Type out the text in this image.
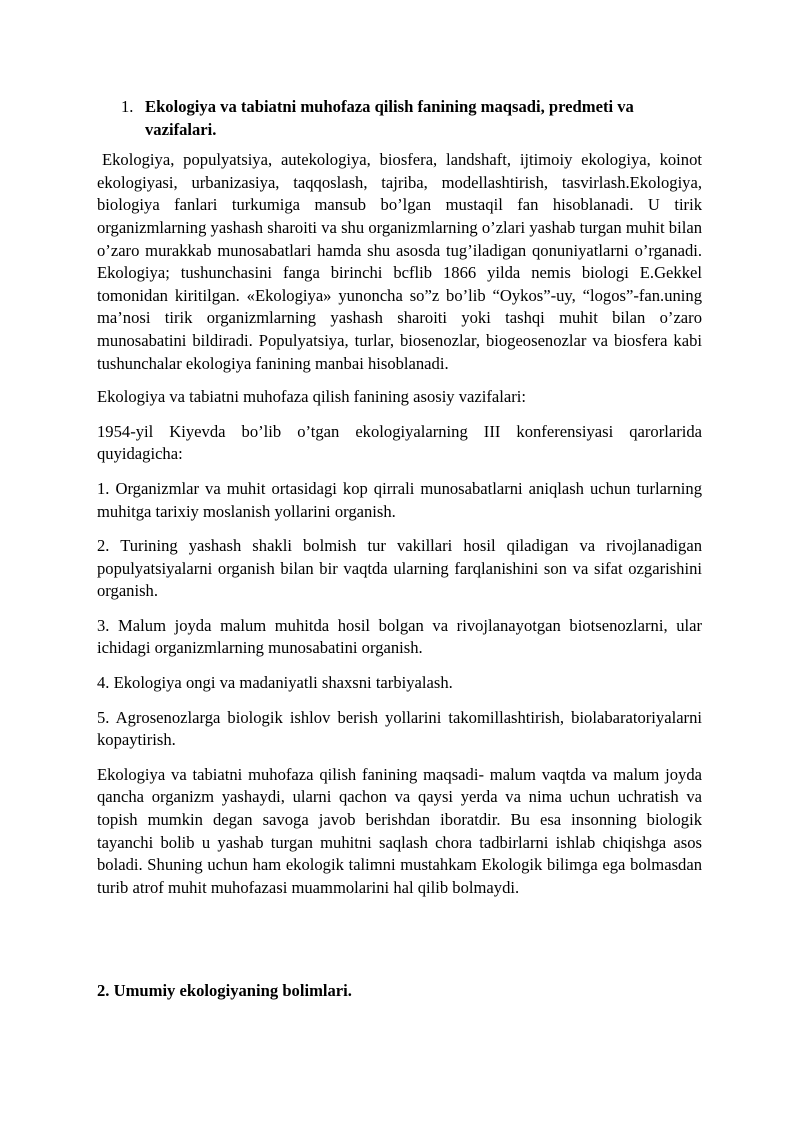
1. Ekologiya va tabiatni muhofaza qilish fanining maqsadi, predmeti va vazifalari.

Ekologiya, populyatsiya, autekologiya, biosfera, landshaft, ijtimoiy ekologiya, koinot ekologiyasi, urbanizasiya, taqqoslash, tajriba, modellashtirish, tasvirlash.Ekologiya, biologiya fanlari turkumiga mansub bo’lgan mustaqil fan hisoblanadi. U tirik organizmlarning yashash sharoiti va shu organizmlarning o’zlari yashab turgan muhit bilan o’zaro murakkab munosabatlari hamda shu asosda tug’iladigan qonuniyatlarni o’rganadi. Ekologiya; tushunchasini fanga birinchi bcflib 1866 yilda nemis biologi E.Gekkel tomonidan kiritilgan. «Ekologiya» yunoncha so”z bo’lib “Oykos”-uy, “logos”-fan.uning ma’nosi tirik organizmlarning yashash sharoiti yoki tashqi muhit bilan o’zaro munosabatini bildiradi. Populyatsiya, turlar, biosenozlar, biogeosenozlar va biosfera kabi tushunchalar ekologiya fanining manbai hisoblanadi.

Ekologiya va tabiatni muhofaza qilish fanining asosiy vazifalari:

1954-yil Kiyevda bo’lib o’tgan ekologiyalarning III konferensiyasi qarorlarida quyidagicha:

1. Organizmlar va muhit ortasidagi kop qirrali munosabatlarni aniqlash uchun turlarning muhitga tarixiy moslanish yollarini organish.

2. Turining yashash shakli bolmish tur vakillari hosil qiladigan va rivojlanadigan populyatsiyalarni organish bilan bir vaqtda ularning farqlanishini son va sifat ozgarishini organish.

3. Malum joyda malum muhitda hosil bolgan va rivojlanayotgan biotsenozlarni, ular ichidagi organizmlarning munosabatini organish.

4. Ekologiya ongi va madaniyatli shaxsni tarbiyalash.

5. Agrosenozlarga biologik ishlov berish yollarini takomillashtirish, biolabaratoriyalarni kopaytirish.

Ekologiya va tabiatni muhofaza qilish fanining maqsadi- malum vaqtda va malum joyda qancha organizm yashaydi, ularni qachon va qaysi yerda va nima uchun uchratish va topish mumkin degan savoga javob berishdan iboratdir. Bu esa insonning biologik tayanchi bolib u yashab turgan muhitni saqlash chora tadbirlarni ishlab chiqishga asos boladi. Shuning uchun ham ekologik talimni mustahkam Ekologik bilimga ega bolmasdan turib atrof muhit muhofazasi muammolarini hal qilib bolmaydi.

2. Umumiy ekologiyaning bolimlari.
